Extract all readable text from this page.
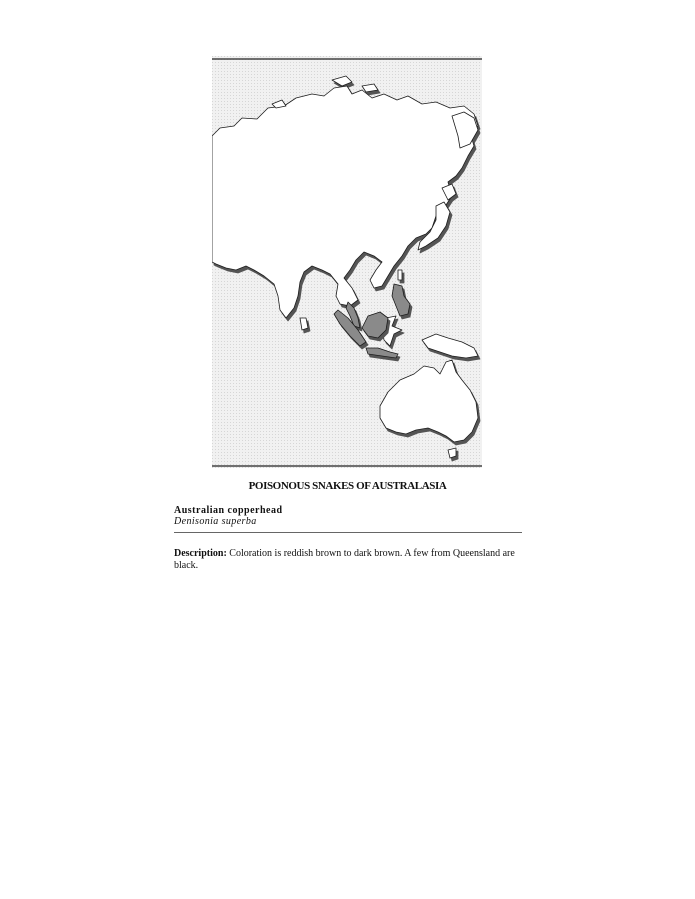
POISONOUS SNAKES OF AUSTRALASIA
Australian copperhead
Denisonia superba
Description: Coloration is reddish brown to dark brown. A few from Queensland are black.
